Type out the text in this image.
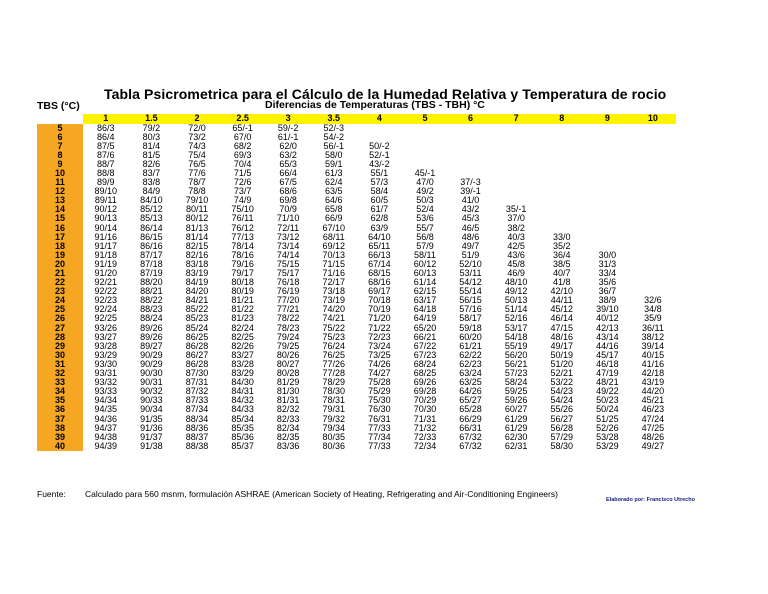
Tabla Psicrometrica para el Cálculo de la Humedad Relativa y Temperatura de rocio
TBS (°C)	Diferencias de Temperaturas (TBS - TBH) °C
	1	1.5	2	2.5	3	3.5	4	5	6	7	8	9	10
5	86/3	79/2	72/0	65/-1	59/-2	52/-3							
6	86/4	80/3	73/2	67/0	61/-1	54/-2							
7	87/5	81/4	74/3	68/2	62/0	56/-1	50/-2						
8	87/6	81/5	75/4	69/3	63/2	58/0	52/-1						
9	88/7	82/6	76/5	70/4	65/3	59/1	43/-2						
10	88/8	83/7	77/6	71/5	66/4	61/3	55/1	45/-1					
11	89/9	83/8	78/7	72/6	67/5	62/4	57/3	47/0	37/-3				
12	89/10	84/9	78/8	73/7	68/6	63/5	58/4	49/2	39/-1				
13	89/11	84/10	79/10	74/9	69/8	64/6	60/5	50/3	41/0				
14	90/12	85/12	80/11	75/10	70/9	65/8	61/7	52/4	43/2	35/-1			
15	90/13	85/13	80/12	76/11	71/10	66/9	62/8	53/6	45/3	37/0			
16	90/14	86/14	81/13	76/12	72/11	67/10	63/9	55/7	46/5	38/2			
17	91/16	86/15	81/14	77/13	73/12	68/11	64/10	56/8	48/6	40/3	33/0		
18	91/17	86/16	82/15	78/14	73/14	69/12	65/11	57/9	49/7	42/5	35/2		
19	91/18	87/17	82/16	78/16	74/14	70/13	66/13	58/11	51/9	43/6	36/4	30/0	
20	91/19	87/18	83/18	79/16	75/15	71/15	67/14	60/12	52/10	45/8	38/5	31/3	
21	91/20	87/19	83/19	79/17	75/17	71/16	68/15	60/13	53/11	46/9	40/7	33/4	
22	92/21	88/20	84/19	80/18	76/18	72/17	68/16	61/14	54/12	48/10	41/8	35/6	
23	92/22	88/21	84/20	80/19	76/19	73/18	69/17	62/15	55/14	49/12	42/10	36/7	
24	92/23	88/22	84/21	81/21	77/20	73/19	70/18	63/17	56/15	50/13	44/11	38/9	32/6
25	92/24	88/23	85/22	81/22	77/21	74/20	70/19	64/18	57/16	51/14	45/12	39/10	34/8
26	92/25	88/24	85/23	81/23	78/22	74/21	71/20	64/19	58/17	52/16	46/14	40/12	35/9
27	93/26	89/26	85/24	82/24	78/23	75/22	71/22	65/20	59/18	53/17	47/15	42/13	36/11
28	93/27	89/26	86/25	82/25	79/24	75/23	72/23	66/21	60/20	54/18	48/16	43/14	38/12
29	93/28	89/27	86/28	82/26	79/25	76/24	73/24	67/22	61/21	55/19	49/17	44/16	39/14
30	93/29	90/29	86/27	83/27	80/26	76/25	73/25	67/23	62/22	56/20	50/19	45/17	40/15
31	93/30	90/29	86/28	83/28	80/27	77/26	74/26	68/24	62/23	56/21	51/20	46/18	41/16
32	93/31	90/30	87/30	83/29	80/28	77/28	74/27	68/25	63/24	57/23	52/21	47/19	42/18
33	93/32	90/31	87/31	84/30	81/29	78/29	75/28	69/26	63/25	58/24	53/22	48/21	43/19
34	93/33	90/32	87/32	84/31	81/30	78/30	75/29	69/28	64/26	59/25	54/23	49/22	44/20
35	94/34	90/33	87/33	84/32	81/31	78/31	75/30	70/29	65/27	59/26	54/24	50/23	45/21
36	94/35	90/34	87/34	84/33	82/32	79/31	76/30	70/30	65/28	60/27	55/26	50/24	46/23
37	94/36	91/35	88/34	85/34	82/33	79/32	76/31	71/31	66/29	61/29	56/27	51/25	47/24
38	94/37	91/36	88/36	85/35	82/34	79/34	77/33	71/32	66/31	61/29	56/28	52/26	47/25
39	94/38	91/37	88/37	85/36	82/35	80/35	77/34	72/33	67/32	62/30	57/29	53/28	48/26
40	94/39	91/38	88/38	85/37	83/36	80/36	77/33	72/34	67/32	62/31	58/30	53/29	49/27
Fuente: Calculado para 560 msnm, formulación ASHRAE (American Society of Heating, Refrigerating and Air-Conditioning Engineers)
Elaborado por: Francisco Utrecho
